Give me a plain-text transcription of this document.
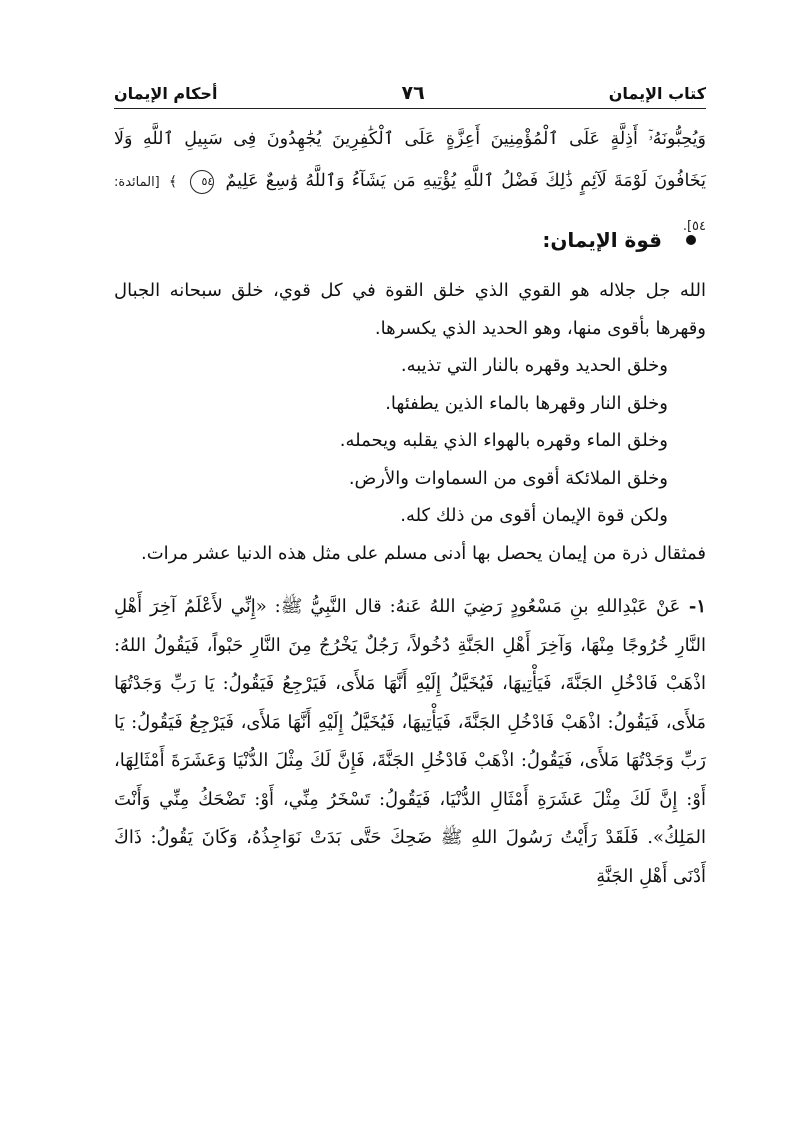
كتاب الإيمان
٧٦
أحكام الإيمان
وَيُحِبُّونَهُۥٓ أَذِلَّةٍ عَلَى ٱلْمُؤْمِنِينَ أَعِزَّةٍ عَلَى ٱلْكَٰفِرِينَ يُجَٰهِدُونَ فِى سَبِيلِ ٱللَّهِ وَلَا يَخَافُونَ لَوْمَةَ لَآئِمٍ ذَٰلِكَ فَضْلُ ٱللَّهِ يُؤْتِيهِ مَن يَشَآءُ وَٱللَّهُ وَٰسِعٌ عَلِيمٌ ٥٤ ﴾ [المائدة: ٥٤].
قوة الإيمان:

الله جل جلاله هو القوي الذي خلق القوة في كل قوي، خلق سبحانه الجبال وقهرها بأقوى منها، وهو الحديد الذي يكسرها.

وخلق الحديد وقهره بالنار التي تذيبه.

وخلق النار وقهرها بالماء الذين يطفئها.

وخلق الماء وقهره بالهواء الذي يقلبه ويحمله.

وخلق الملائكة أقوى من السماوات والأرض.

ولكن قوة الإيمان أقوى من ذلك كله.

فمثقال ذرة من إيمان يحصل بها أدنى مسلم على مثل هذه الدنيا عشر مرات.

١- عَنْ عَبْدِاللهِ بنِ مَسْعُودٍ رَضِيَ اللهُ عَنهُ: قال النَّبِيُّ ﷺ: «إِنِّي لأَعْلَمُ آخِرَ أَهْلِ النَّارِ خُرُوجًا مِنْهَا، وَآخِرَ أَهْلِ الجَنَّةِ دُخُولاً، رَجُلٌ يَخْرُجُ مِنَ النَّارِ حَبْواً، فَيَقُولُ اللهُ: اذْهَبْ فَادْخُلِ الجَنَّةَ، فَيَأْتِيهَا، فَيُخَيَّلُ إِلَيْهِ أَنَّهَا مَلأَى، فَيَرْجِعُ فَيَقُولُ: يَا رَبِّ وَجَدْتُهَا مَلأَى، فَيَقُولُ: اذْهَبْ فَادْخُلِ الجَنَّةَ، فَيَأْتِيهَا، فَيُخَيَّلُ إِلَيْهِ أَنَّهَا مَلأَى، فَيَرْجِعُ فَيَقُولُ: يَا رَبِّ وَجَدْتُهَا مَلأَى، فَيَقُولُ: اذْهَبْ فَادْخُلِ الجَنَّةَ، فَإِنَّ لَكَ مِثْلَ الدُّنْيَا وَعَشَرَةَ أَمْثَالِهَا، أَوْ: إِنَّ لَكَ مِثْلَ عَشَرَةِ أَمْثَالِ الدُّنْيَا، فَيَقُولُ: تَسْخَرُ مِنِّي، أَوْ: تَضْحَكُ مِنِّي وَأَنْتَ المَلِكُ». فَلَقَدْ رَأَيْتُ رَسُولَ اللهِ ﷺ ضَحِكَ حَتَّى بَدَتْ نَوَاجِذُهُ، وَكَانَ يَقُولُ: ذَاكَ أَدْنَى أَهْلِ الجَنَّةِ
